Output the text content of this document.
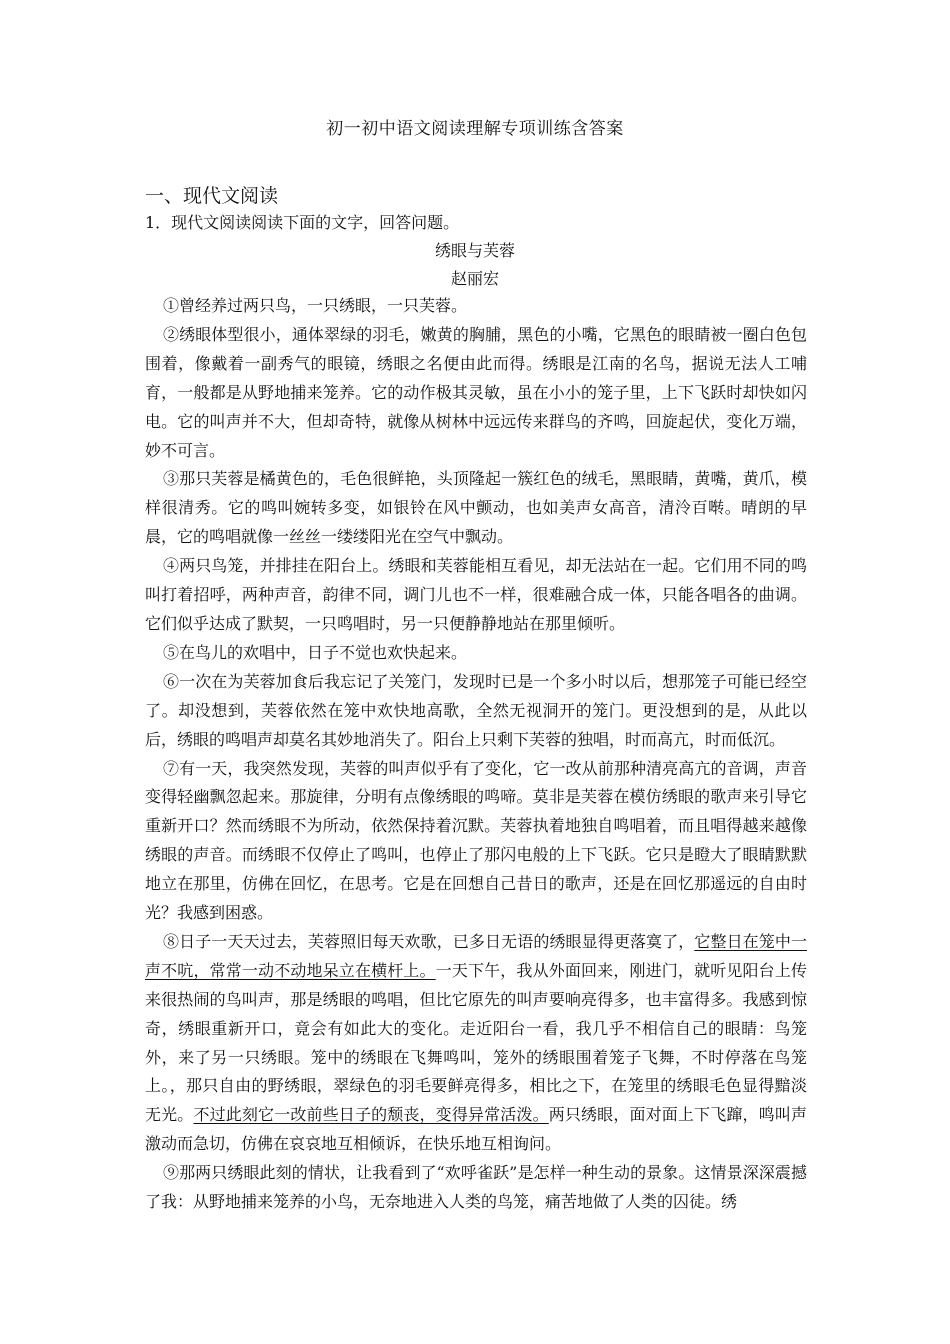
初一初中语文阅读理解专项训练含答案
一、现代文阅读
1．现代文阅读阅读下面的文字，回答问题。
绣眼与芙蓉
赵丽宏

①曾经养过两只鸟，一只绣眼，一只芙蓉。

②绣眼体型很小，通体翠绿的羽毛，嫩黄的胸脯，黑色的小嘴，它黑色的眼睛被一圈白色包围着，像戴着一副秀气的眼镜，绣眼之名便由此而得。绣眼是江南的名鸟，据说无法人工哺育，一般都是从野地捕来笼养。它的动作极其灵敏，虽在小小的笼子里，上下飞跃时却快如闪电。它的叫声并不大，但却奇特，就像从树林中远远传来群鸟的齐鸣，回旋起伏，变化万端，妙不可言。

③那只芙蓉是橘黄色的，毛色很鲜艳，头顶隆起一簇红色的绒毛，黑眼睛，黄嘴，黄爪，模样很清秀。它的鸣叫婉转多变，如银铃在风中颤动，也如美声女高音，清泠百啭。晴朗的早晨，它的鸣唱就像一丝丝一缕缕阳光在空气中飘动。

④两只鸟笼，并排挂在阳台上。绣眼和芙蓉能相互看见，却无法站在一起。它们用不同的鸣叫打着招呼，两种声音，韵律不同，调门儿也不一样，很难融合成一体，只能各唱各的曲调。它们似乎达成了默契，一只鸣唱时，另一只便静静地站在那里倾听。

⑤在鸟儿的欢唱中，日子不觉也欢快起来。

⑥一次在为芙蓉加食后我忘记了关笼门，发现时已是一个多小时以后，想那笼子可能已经空了。却没想到，芙蓉依然在笼中欢快地高歌，全然无视洞开的笼门。更没想到的是，从此以后，绣眼的鸣唱声却莫名其妙地消失了。阳台上只剩下芙蓉的独唱，时而高亢，时而低沉。

⑦有一天，我突然发现，芙蓉的叫声似乎有了变化，它一改从前那种清亮高亢的音调，声音变得轻幽飘忽起来。那旋律，分明有点像绣眼的鸣啼。莫非是芙蓉在模仿绣眼的歌声来引导它重新开口？然而绣眼不为所动，依然保持着沉默。芙蓉执着地独自鸣唱着，而且唱得越来越像绣眼的声音。而绣眼不仅停止了鸣叫，也停止了那闪电般的上下飞跃。它只是瞪大了眼睛默默地立在那里，仿佛在回忆，在思考。它是在回想自己昔日的歌声，还是在回忆那遥远的自由时光？我感到困惑。

⑧日子一天天过去，芙蓉照旧每天欢歌，已多日无语的绣眼显得更落寞了，它整日在笼中一声不吭，常常一动不动地呆立在横杆上。一天下午，我从外面回来，刚进门，就听见阳台上传来很热闹的鸟叫声，那是绣眼的鸣唱，但比它原先的叫声要响亮得多，也丰富得多。我感到惊奇，绣眼重新开口，竟会有如此大的变化。走近阳台一看，我几乎不相信自己的眼睛：鸟笼外，来了另一只绣眼。笼中的绣眼在飞舞鸣叫，笼外的绣眼围着笼子飞舞，不时停落在鸟笼上。，那只自由的野绣眼，翠绿色的羽毛要鲜亮得多，相比之下，在笼里的绣眼毛色显得黯淡无光。不过此刻它一改前些日子的颓丧，变得异常活泼。两只绣眼，面对面上下飞蹿，鸣叫声激动而急切，仿佛在哀哀地互相倾诉，在快乐地互相询问。

⑨那两只绣眼此刻的情状，让我看到了“欢呼雀跃”是怎样一种生动的景象。这情景深深震撼了我：从野地捕来笼养的小鸟，无奈地进入人类的鸟笼，痛苦地做了人类的囚徒。绣
